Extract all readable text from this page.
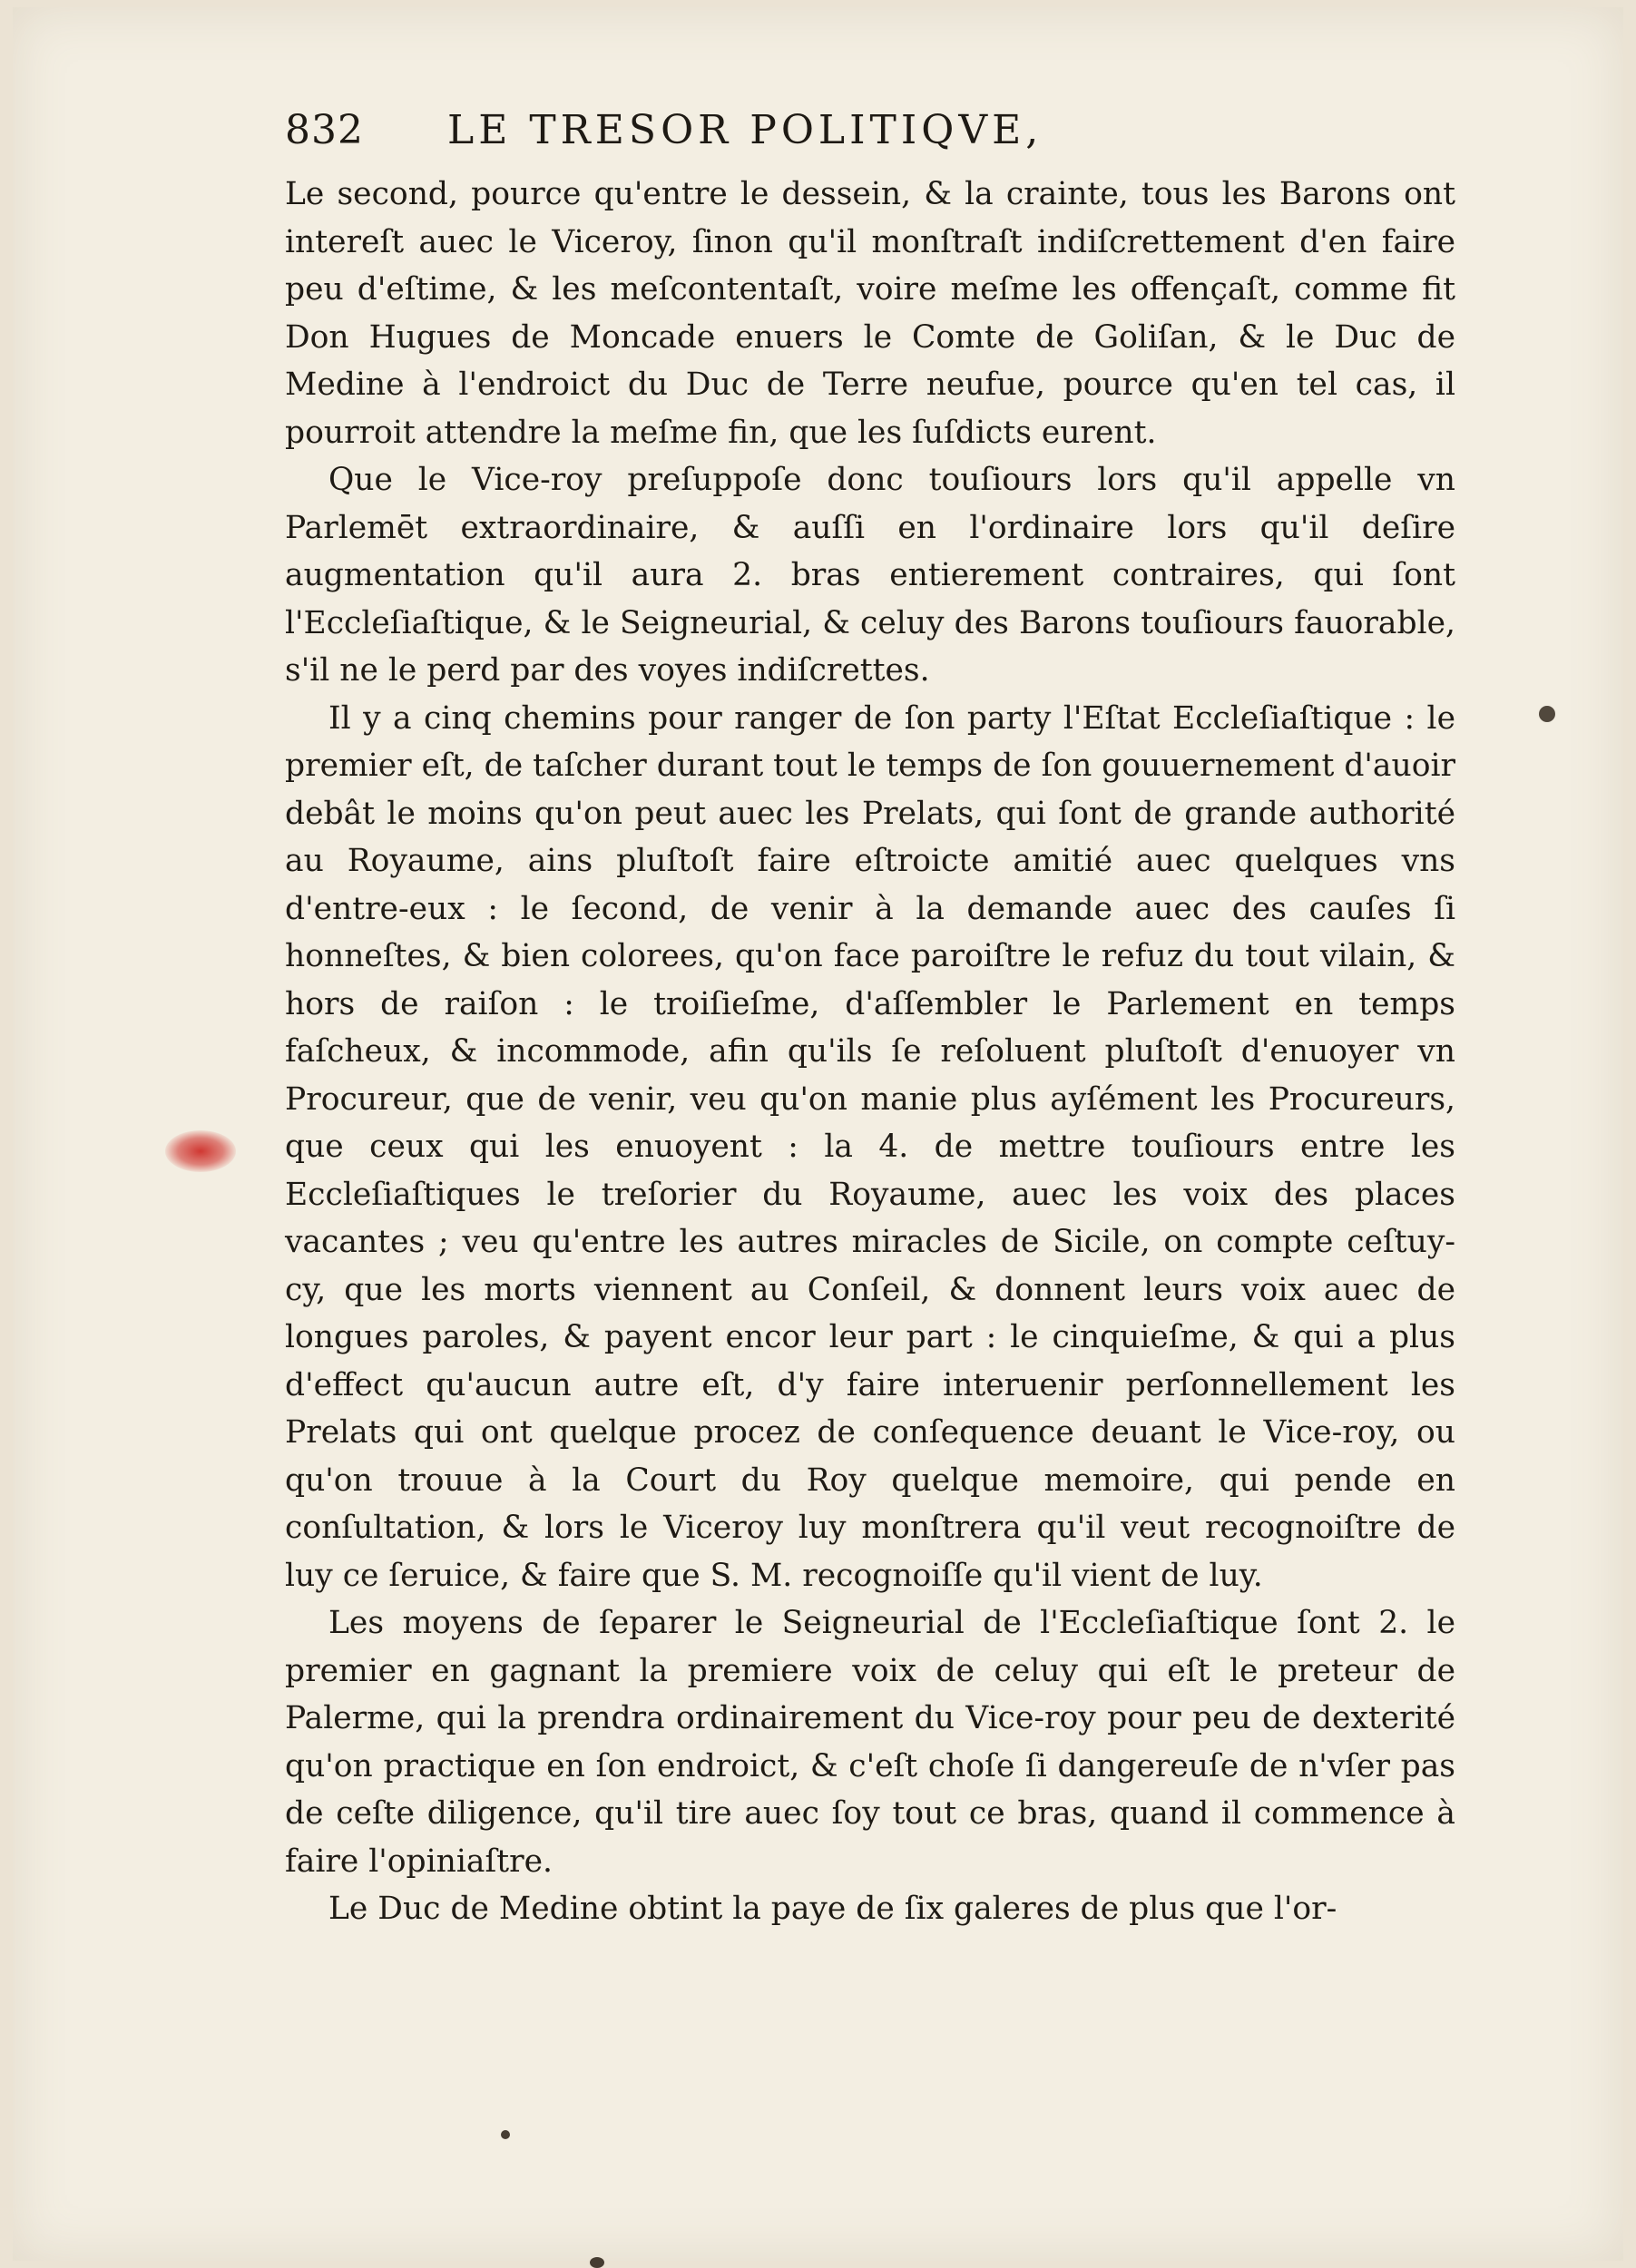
832 LE TRESOR POLITIQVE,

Le second, pource qu'entre le dessein, & la crainte, tous les Barons ont intereſt auec le Viceroy, ſinon qu'il monſtraſt indiſcrettement d'en faire peu d'eſtime, & les meſcontentaſt, voire meſme les offençaſt, comme fit Don Hugues de Moncade enuers le Comte de Goliſan, & le Duc de Medine à l'endroict du Duc de Terre neufue, pource qu'en tel cas, il pourroit attendre la meſme fin, que les ſuſdicts eurent.

Que le Vice-roy preſuppoſe donc touſiours lors qu'il appelle vn Parlemēt extraordinaire, & auſſi en l'ordinaire lors qu'il deſire augmentation qu'il aura 2. bras entierement contraires, qui ſont l'Eccleſiaſtique, & le Seigneurial, & celuy des Barons touſiours fauorable, s'il ne le perd par des voyes indiſcrettes.

Il y a cinq chemins pour ranger de ſon party l'Eſtat Eccleſiaſtique : le premier eſt, de taſcher durant tout le temps de ſon gouuernement d'auoir debât le moins qu'on peut auec les Prelats, qui ſont de grande authorité au Royaume, ains pluſtoſt faire eſtroicte amitié auec quelques vns d'entre-eux : le ſecond, de venir à la demande auec des cauſes ſi honneſtes, & bien colorees, qu'on face paroiſtre le refuz du tout vilain, & hors de raiſon : le troiſieſme, d'aſſembler le Parlement en temps faſcheux, & incommode, afin qu'ils ſe reſoluent pluſtoſt d'enuoyer vn Procureur, que de venir, veu qu'on manie plus ayſément les Procureurs, que ceux qui les enuoyent : la 4. de mettre touſiours entre les Eccleſiaſtiques le treſorier du Royaume, auec les voix des places vacantes ; veu qu'entre les autres miracles de Sicile, on compte ceſtuy-cy, que les morts viennent au Conſeil, & donnent leurs voix auec de longues paroles, & payent encor leur part : le cinquieſme, & qui a plus d'effect qu'aucun autre eſt, d'y faire interuenir perſonnellement les Prelats qui ont quelque procez de conſequence deuant le Vice-roy, ou qu'on trouue à la Court du Roy quelque memoire, qui pende en conſultation, & lors le Viceroy luy monſtrera qu'il veut recognoiſtre de luy ce ſeruice, & faire que S. M. recognoiſſe qu'il vient de luy.

Les moyens de ſeparer le Seigneurial de l'Eccleſiaſtique ſont 2. le premier en gagnant la premiere voix de celuy qui eſt le preteur de Palerme, qui la prendra ordinairement du Vice-roy pour peu de dexterité qu'on practique en ſon endroict, & c'eſt choſe ſi dangereuſe de n'vſer pas de ceſte diligence, qu'il tire auec ſoy tout ce bras, quand il commence à faire l'opiniaſtre.

Le Duc de Medine obtint la paye de ſix galeres de plus que l'or-
